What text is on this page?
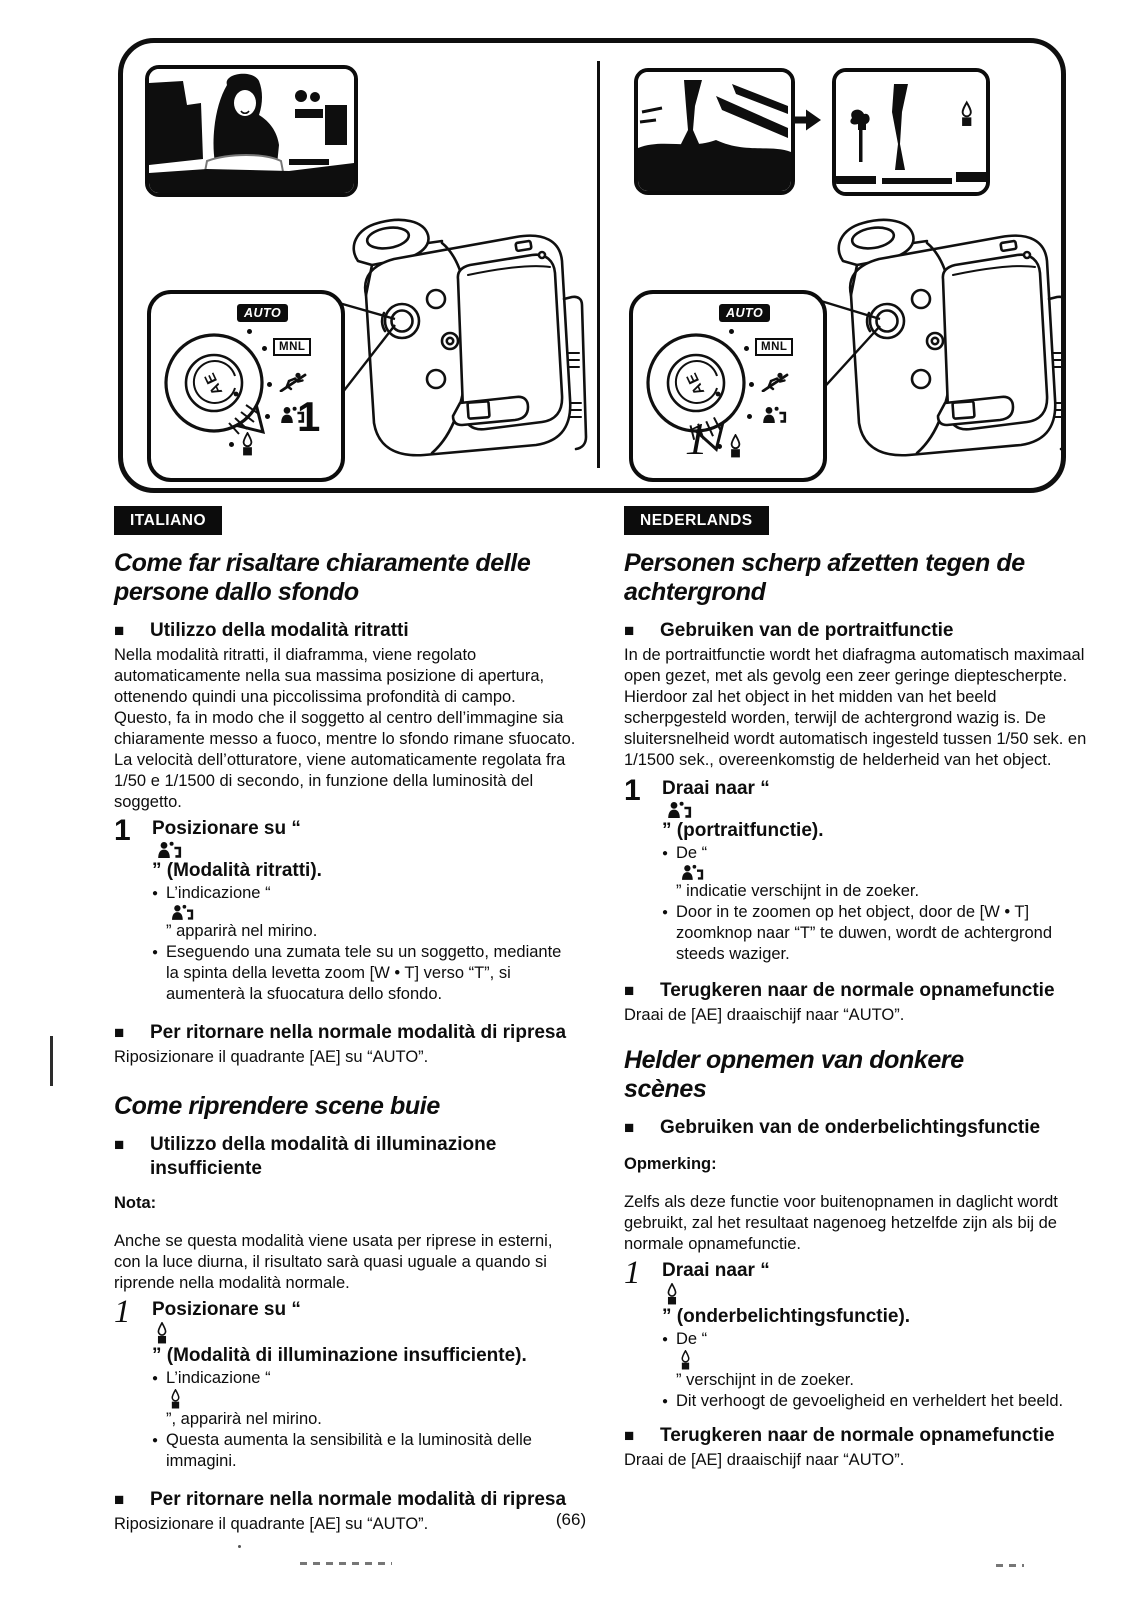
AE
AUTO
MNL
1
AE
AUTO
MNL
1
ITALIANO
Come far risaltare chiaramente delle persone dallo sfondo
■ Utilizzo della modalità ritratti

Nella modalità ritratti, il diaframma, viene regolato automaticamente nella sua massima posizione di apertura, ottenendo quindi una piccolissima profondità di campo. Questo, fa in modo che il soggetto al centro dell’immagine sia chiaramente messo a fuoco, mentre lo sfondo rimane sfuocato. La velocità dell’otturatore, viene automaticamente regolata fra 1/50 e 1/1500 di secondo, in funzione della luminosità del soggetto.

1	Posizionare su “
” (Modalità ritratti).
● L’indicazione “
” apparirà nel mirino.
● Eseguendo una zumata tele su un soggetto, mediante la spinta della levetta zoom [W • T] verso “T”, si aumenterà la sfuocatura dello sfondo.
■ Per ritornare nella normale modalità di ripresa

Riposizionare il quadrante [AE] su “AUTO”.

Come riprendere scene buie
■ Utilizzo della modalità di illuminazione insufficiente

Nota:

Anche se questa modalità viene usata per riprese in esterni, con la luce diurna, il risultato sarà quasi uguale a quando si riprende nella modalità normale.

1	Posizionare su “
” (Modalità di illuminazione insufficiente).
● L’indicazione “
”, apparirà nel mirino.
● Questa aumenta la sensibilità e la luminosità delle immagini.
■ Per ritornare nella normale modalità di ripresa

Riposizionare il quadrante [AE] su “AUTO”.

NEDERLANDS
Personen scherp afzetten tegen de achtergrond
■ Gebruiken van de portraitfunctie

In de portraitfunctie wordt het diafragma automatisch maximaal open gezet, met als gevolg een zeer geringe dieptescherpte. Hierdoor zal het object in het midden van het beeld scherpgesteld worden, terwijl de achtergrond wazig is. De sluitersnelheid wordt automatisch ingesteld tussen 1/50 sek. en 1/1500 sek., overeenkomstig de helderheid van het object.

1	Draai naar “
” (portraitfunctie).
● De “
” indicatie verschijnt in de zoeker.
● Door in te zoomen op het object, door de [W • T] zoomknop naar “T” te duwen, wordt de achtergrond steeds waziger.
■ Terugkeren naar de normale opnamefunctie

Draai de [AE] draaischijf naar “AUTO”.

Helder opnemen van donkere scènes
■ Gebruiken van de onderbelichtingsfunctie

Opmerking:

Zelfs als deze functie voor buitenopnamen in daglicht wordt gebruikt, zal het resultaat nagenoeg hetzelfde zijn als bij de normale opnamefunctie.

1	Draai naar “
” (onderbelichtingsfunctie).
● De “
” verschijnt in de zoeker.
● Dit verhoogt de gevoeligheid en verheldert het beeld.
■ Terugkeren naar de normale opnamefunctie

Draai de [AE] draaischijf naar “AUTO”.

(66)
